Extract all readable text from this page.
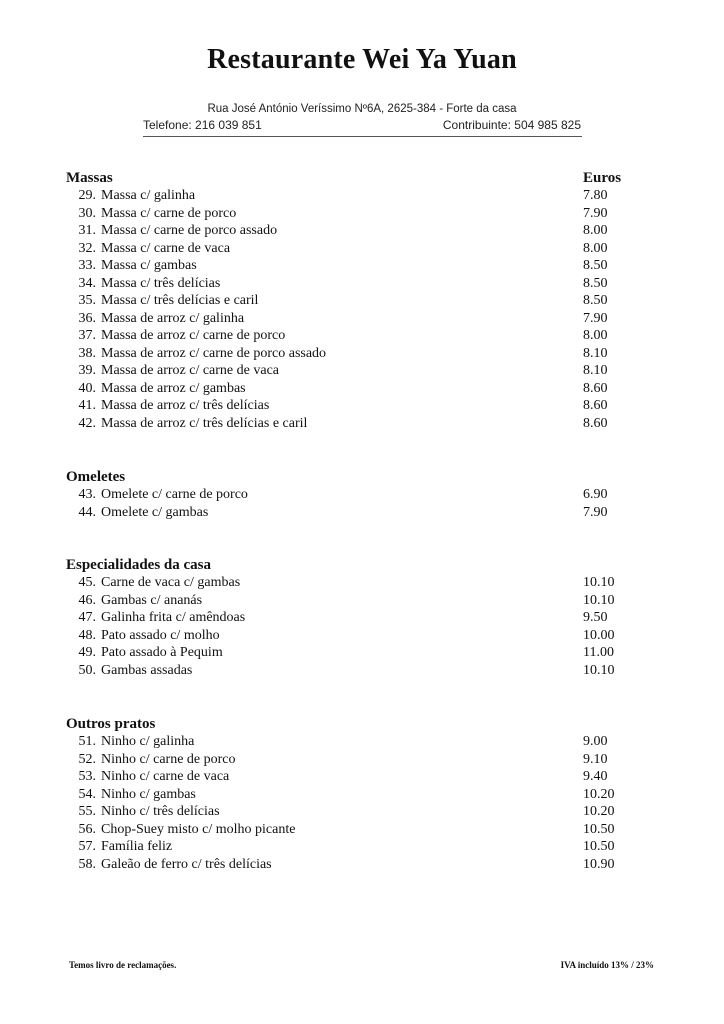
Restaurante Wei Ya Yuan
Rua José António Veríssimo Nº6A, 2625-384 - Forte da casa
Telefone: 216 039 851	Contribuinte: 504 985 825
Massas	Euros
29. Massa c/ galinha	7.80
30. Massa c/ carne de porco	7.90
31. Massa c/ carne de porco assado	8.00
32. Massa c/ carne de vaca	8.00
33. Massa c/ gambas	8.50
34. Massa c/ três delícias	8.50
35. Massa c/ três delícias e caril	8.50
36. Massa de arroz c/ galinha	7.90
37. Massa de arroz c/ carne de porco	8.00
38. Massa de arroz c/ carne de porco assado	8.10
39. Massa de arroz c/ carne de vaca	8.10
40. Massa de arroz c/ gambas	8.60
41. Massa de arroz c/ três delícias	8.60
42. Massa de arroz c/ três delícias e caril	8.60
Omeletes
43. Omelete c/ carne de porco	6.90
44. Omelete c/ gambas	7.90
Especialidades da casa
45. Carne de vaca c/ gambas	10.10
46. Gambas c/ ananás	10.10
47. Galinha frita c/ amêndoas	9.50
48. Pato assado c/ molho	10.00
49. Pato assado à Pequim	11.00
50. Gambas assadas	10.10
Outros pratos
51. Ninho c/ galinha	9.00
52. Ninho c/ carne de porco	9.10
53. Ninho c/ carne de vaca	9.40
54. Ninho c/ gambas	10.20
55. Ninho c/ três delícias	10.20
56. Chop-Suey misto c/ molho picante	10.50
57. Família feliz	10.50
58. Galeão de ferro c/ três delícias	10.90
Temos livro de reclamações.	IVA incluído 13% / 23%
